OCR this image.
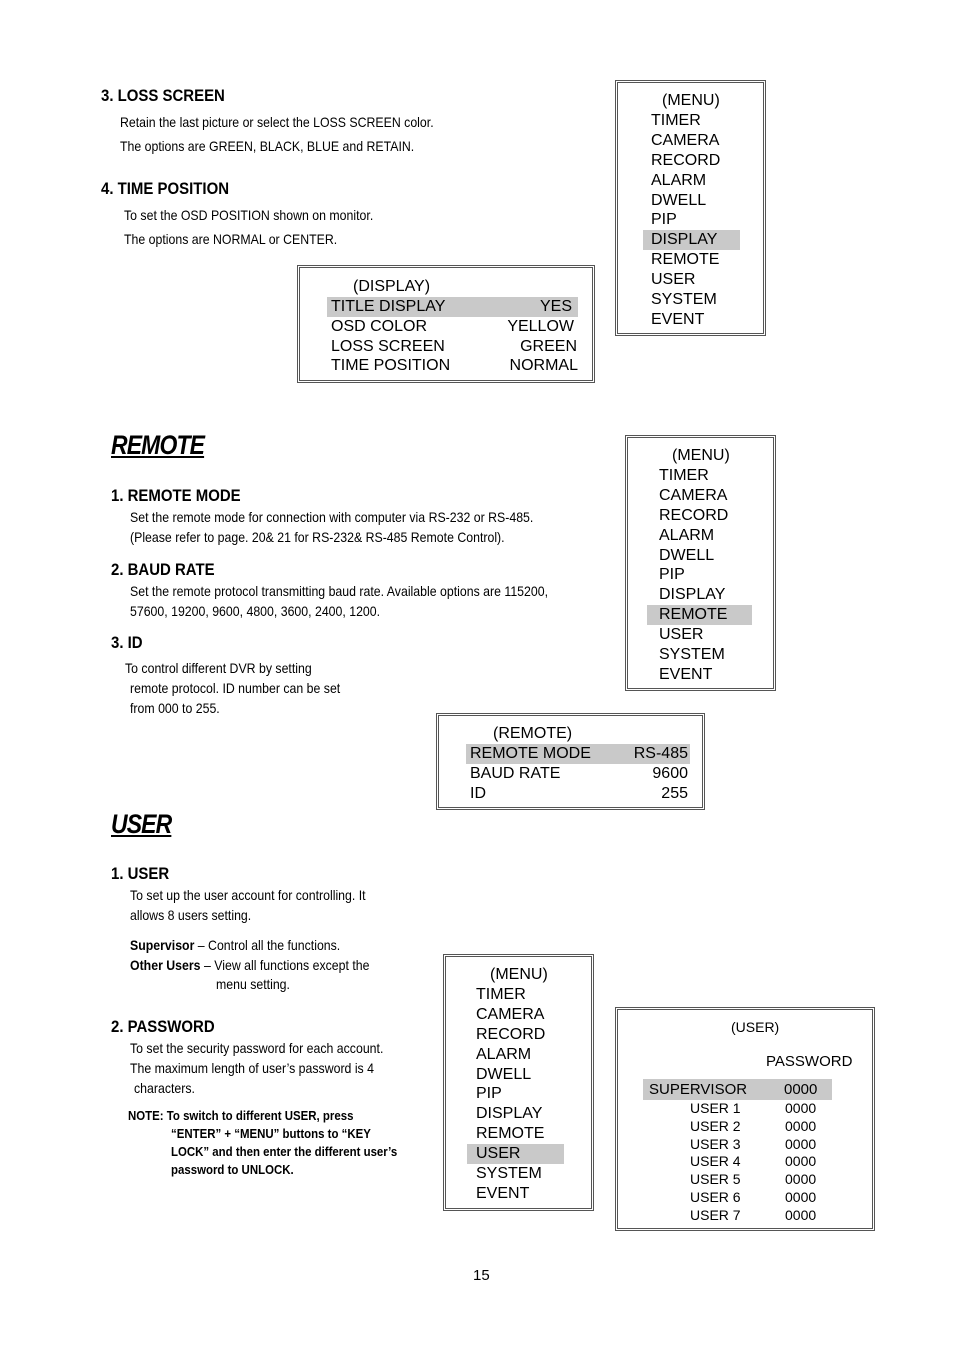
3. LOSS SCREEN
Retain the last picture or select the LOSS SCREEN color.
The options are GREEN, BLACK, BLUE and RETAIN.
4. TIME POSITION
To set the OSD POSITION shown on monitor.
The options are NORMAL or CENTER.
(DISPLAY)
TITLE DISPLAY	YES
OSD COLOR	YELLOW
LOSS SCREEN	GREEN
TIME POSITION	NORMAL
(MENU)
TIMER
CAMERA
RECORD
ALARM
DWELL
PIP
DISPLAY
REMOTE
USER
SYSTEM
EVENT
REMOTE
1. REMOTE MODE
Set the remote mode for connection with computer via RS-232 or RS-485.
(Please refer to page. 20& 21 for RS-232& RS-485 Remote Control).
2. BAUD RATE
Set the remote protocol transmitting baud rate. Available options are 115200,
57600, 19200, 9600, 4800, 3600, 2400, 1200.
3. ID
To control different DVR by setting
remote protocol. ID number can be set
from 000 to 255.
(MENU)
TIMER
CAMERA
RECORD
ALARM
DWELL
PIP
DISPLAY
REMOTE
USER
SYSTEM
EVENT
(REMOTE)
REMOTE MODE	RS-485
BAUD RATE	9600
ID	255
USER
1. USER
To set up the user account for controlling. It
allows 8 users setting.
Supervisor – Control all the functions.
Other Users – View all functions except the
menu setting.
2. PASSWORD
To set the security password for each account.
The maximum length of user’s password is 4
characters.
NOTE: To switch to different USER, press
“ENTER” + “MENU” buttons to “KEY
LOCK” and then enter the different user’s
password to UNLOCK.
(MENU)
TIMER
CAMERA
RECORD
ALARM
DWELL
PIP
DISPLAY
REMOTE
USER
SYSTEM
EVENT
(USER)
PASSWORD
SUPERVISOR 0000
USER 1	0000
USER 2	0000
USER 3	0000
USER 4	0000
USER 5	0000
USER 6	0000
USER 7	0000
15
